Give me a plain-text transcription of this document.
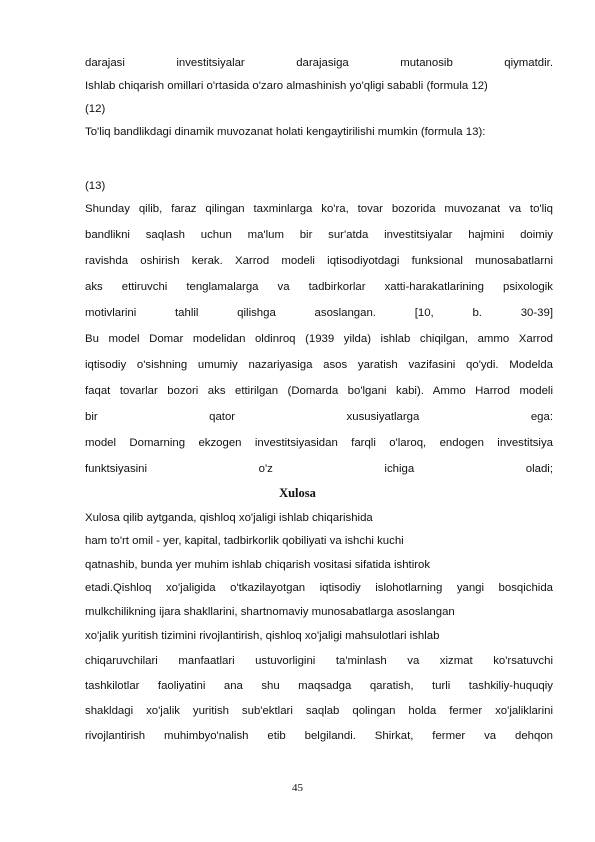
darajasi investitsiyalar darajasiga mutanosib qiymatdir.
Ishlab chiqarish omillari o'rtasida o'zaro almashinish yo'qligi sababli (formula 12)
(12)
To'liq bandlikdagi dinamik muvozanat holati kengaytirilishi mumkin (formula 13):
(13)
Shunday qilib, faraz qilingan taxminlarga ko'ra, tovar bozorida muvozanat va to'liq
bandlikni saqlash uchun ma'lum bir sur'atda investitsiyalar hajmini doimiy
ravishda oshirish kerak. Xarrod modeli iqtisodiyotdagi funksional munosabatlarni
aks ettiruvchi tenglamalarga va tadbirkorlar xatti-harakatlarining psixologik
motivlarini tahlil qilishga asoslangan. [10, b. 30-39]
Bu model Domar modelidan oldinroq (1939 yilda) ishlab chiqilgan, ammo Xarrod
iqtisodiy o'sishning umumiy nazariyasiga asos yaratish vazifasini qo'ydi. Modelda
faqat tovarlar bozori aks ettirilgan (Domarda bo'lgani kabi). Ammo Harrod modeli
bir qator xususiyatlarga ega:
model Domarning ekzogen investitsiyasidan farqli o'laroq, endogen investitsiya
funktsiyasini o'z ichiga oladi;
Xulosa
Xulosa qilib aytganda, qishloq xo'jaligi ishlab chiqarishida
ham to'rt omil - yer, kapital, tadbirkorlik qobiliyati va ishchi kuchi
qatnashib, bunda yer muhim ishlab chiqarish vositasi sifatida ishtirok
etadi.Qishloq xo'jaligida o'tkazilayotgan iqtisodiy islohotlarning yangi bosqichida
mulkchilikning ijara shakllarini, shartnomaviy munosabatlarga asoslangan
xo'jalik yuritish tizimini rivojlantirish, qishloq xo'jaligi mahsulotlari ishlab
chiqaruvchilari manfaatlari ustuvorligini ta'minlash va xizmat ko'rsatuvchi
tashkilotlar faoliyatini ana shu maqsadga qaratish, turli tashkiliy-huquqiy
shakldagi xo'jalik yuritish sub'ektlari saqlab qolingan holda fermer xo'jaliklarini
rivojlantirish muhimbyo'nalish etib belgilandi. Shirkat, fermer va dehqon
45
